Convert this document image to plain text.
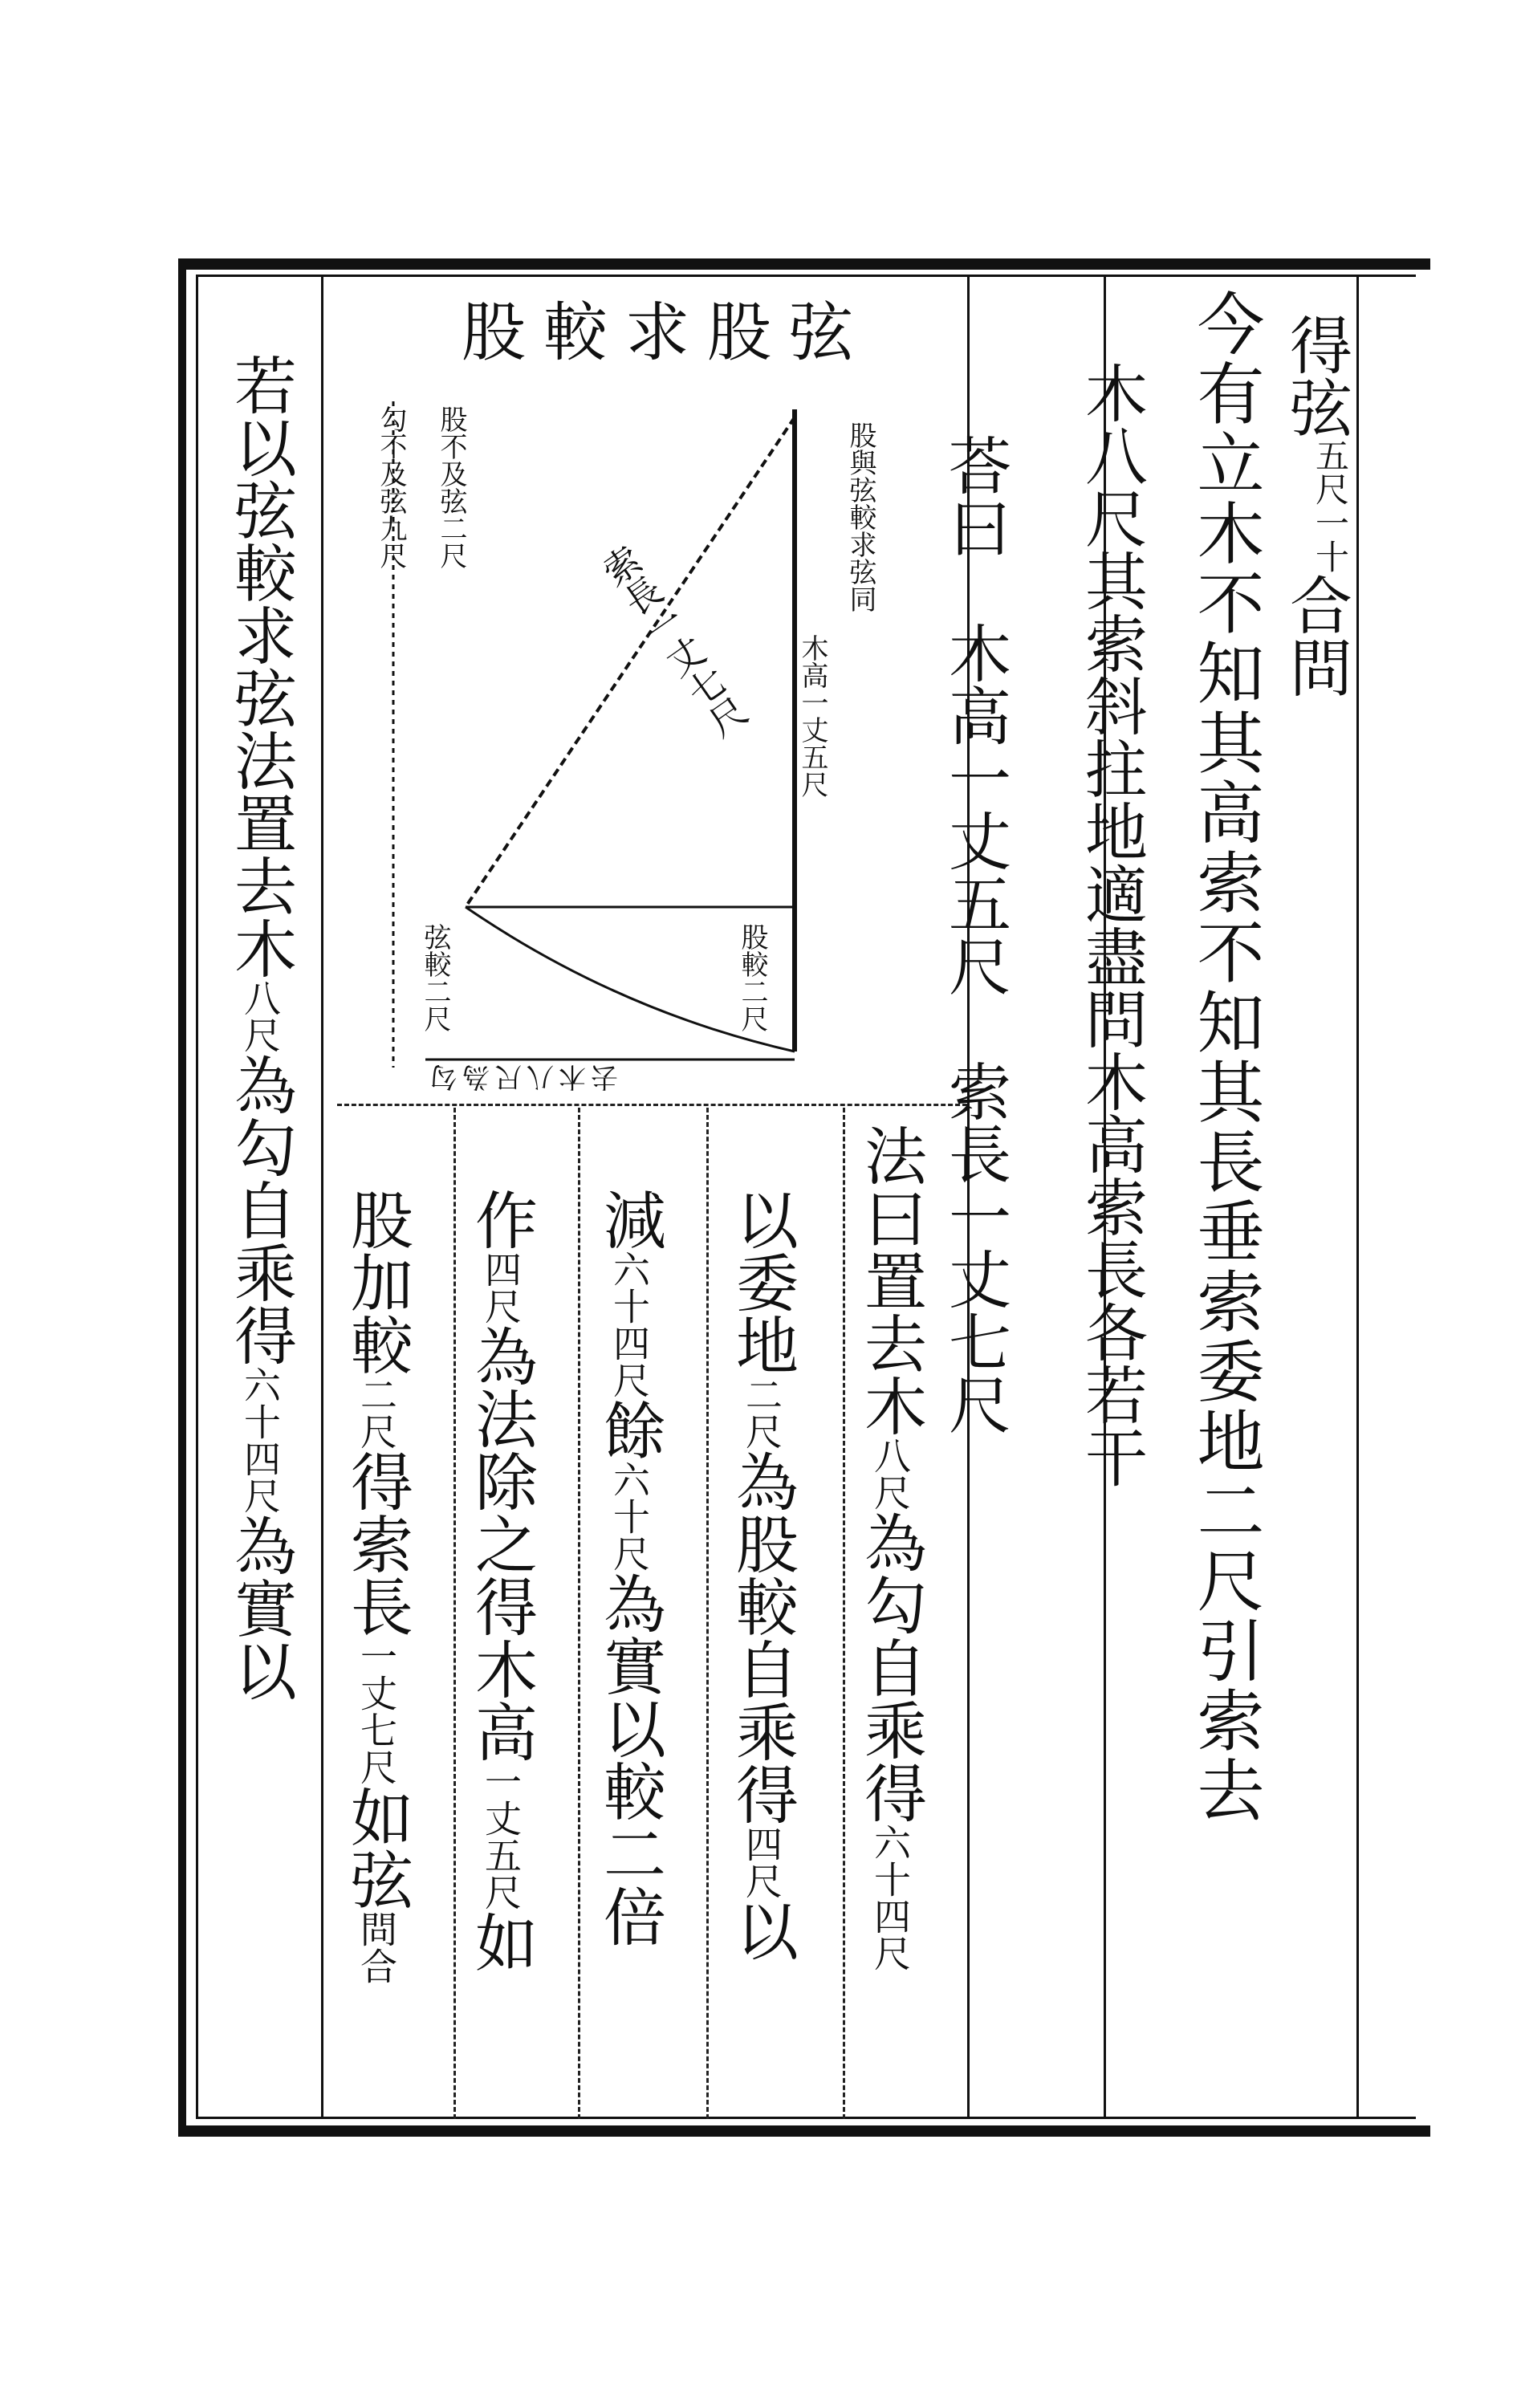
得弦
五尺一十
合問
今有立木不知其高索不知其長垂索委地二尺引索去
木八尺其索斜拄地適盡問木高索長各若干
荅曰　木高一丈五尺　索長一丈七尺
法曰置去木八尺為勾自乘得六十四尺
以委地二尺為股較自乘得四尺以
減六十四尺餘六十尺為實以較二倍
作四尺為法除之得木高一丈五尺如
股加較二尺得索長一丈七尺如弦問合
若以弦較求弦法置去木八尺為勾自乘得六十四尺為實以
股較求股弦
股與弦較求弦同
木高一丈五尺
索長一丈七尺
股不及弦二尺
勾不及弦九尺
股較二尺
弦較二尺
去木八尺為勾
